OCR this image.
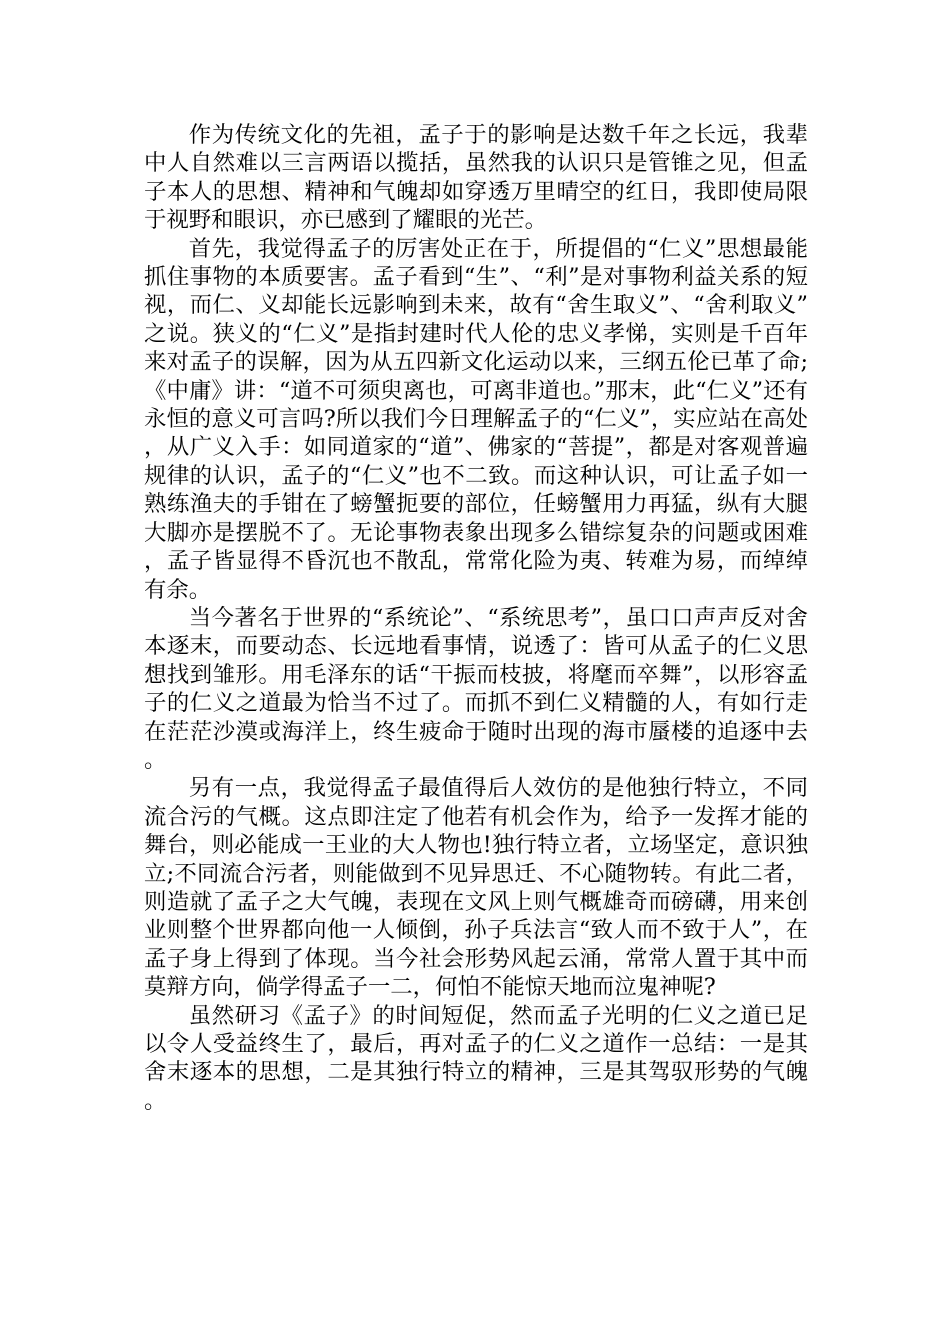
作为传统文化的先祖，孟子于的影响是达数千年之长远，我辈中人自然难以三言两语以揽括，虽然我的认识只是管锥之见，但孟子本人的思想、精神和气魄却如穿透万里晴空的红日，我即使局限于视野和眼识，亦已感到了耀眼的光芒。

首先，我觉得孟子的厉害处正在于，所提倡的“仁义”思想最能抓住事物的本质要害。孟子看到“生”、“利”是对事物利益关系的短视，而仁、义却能长远影响到未来，故有“舍生取义”、“舍利取义”之说。狭义的“仁义”是指封建时代人伦的忠义孝悌，实则是千百年来对孟子的误解，因为从五四新文化运动以来，三纲五伦已革了命;《中庸》讲：“道不可须臾离也，可离非道也。”那末，此“仁义”还有永恒的意义可言吗?所以我们今日理解孟子的“仁义”，实应站在高处，从广义入手：如同道家的“道”、佛家的“菩提”，都是对客观普遍规律的认识，孟子的“仁义”也不二致。而这种认识，可让孟子如一熟练渔夫的手钳在了螃蟹扼要的部位，任螃蟹用力再猛，纵有大腿大脚亦是摆脱不了。无论事物表象出现多么错综复杂的问题或困难，孟子皆显得不昏沉也不散乱，常常化险为夷、转难为易，而绰绰有余。

当今著名于世界的“系统论”、“系统思考”，虽口口声声反对舍本逐末，而要动态、长远地看事情，说透了：皆可从孟子的仁义思想找到雏形。用毛泽东的话“干振而枝披，将麾而卒舞”，以形容孟子的仁义之道最为恰当不过了。而抓不到仁义精髓的人，有如行走在茫茫沙漠或海洋上，终生疲命于随时出现的海市蜃楼的追逐中去。

另有一点，我觉得孟子最值得后人效仿的是他独行特立，不同流合污的气概。这点即注定了他若有机会作为，给予一发挥才能的舞台，则必能成一王业的大人物也!独行特立者，立场坚定，意识独立;不同流合污者，则能做到不见异思迁、不心随物转。有此二者，则造就了孟子之大气魄，表现在文风上则气概雄奇而磅礴，用来创业则整个世界都向他一人倾倒，孙子兵法言“致人而不致于人”，在孟子身上得到了体现。当今社会形势风起云涌，常常人置于其中而莫辩方向，倘学得孟子一二，何怕不能惊天地而泣鬼神呢?

虽然研习《孟子》的时间短促，然而孟子光明的仁义之道已足以令人受益终生了，最后，再对孟子的仁义之道作一总结：一是其舍末逐本的思想，二是其独行特立的精神，三是其驾驭形势的气魄。
